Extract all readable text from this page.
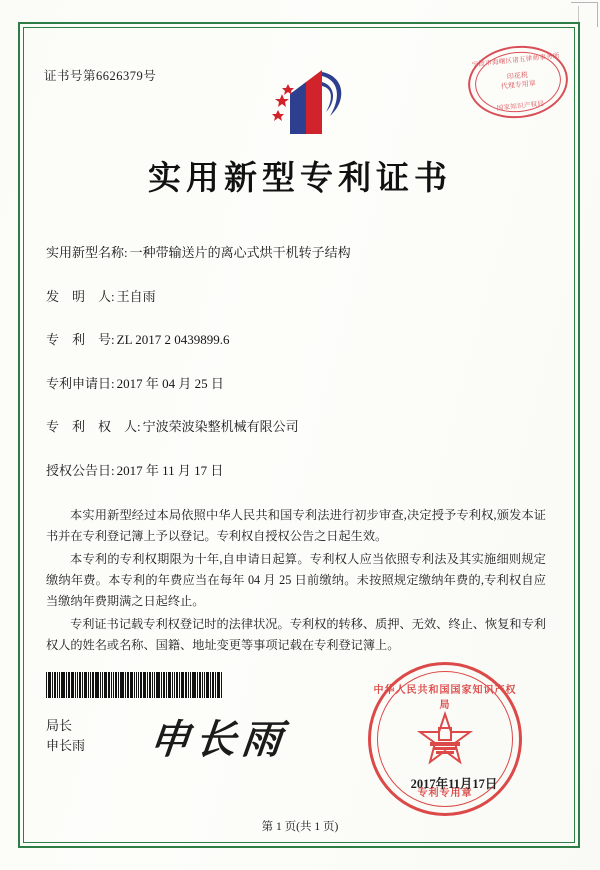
证书号第6626379号
宁波市海曙区诸五律师事务所
印花税
代理专用章
国家知识产权局
实用新型专利证书
实用新型名称: 一种带输送片的离心式烘干机转子结构
发　明　人: 王自雨
专　利　号: ZL 2017 2 0439899.6
专利申请日: 2017 年 04 月 25 日
专　利　权　人: 宁波荣波染整机械有限公司
授权公告日: 2017 年 11 月 17 日

本实用新型经过本局依照中华人民共和国专利法进行初步审查,决定授予专利权,颁发本证书并在专利登记簿上予以登记。专利权自授权公告之日起生效。

本专利的专利权期限为十年,自申请日起算。专利权人应当依照专利法及其实施细则规定缴纳年费。本专利的年费应当在每年 04 月 25 日前缴纳。未按照规定缴纳年费的,专利权自应当缴纳年费期满之日起终止。

专利证书记载专利权登记时的法律状况。专利权的转移、质押、无效、终止、恢复和专利权人的姓名或名称、国籍、地址变更等事项记载在专利登记簿上。

局长
申长雨 申长雨
中华人民共和国国家知识产权局
专利专用章
2017年11月17日
第 1 页(共 1 页)
